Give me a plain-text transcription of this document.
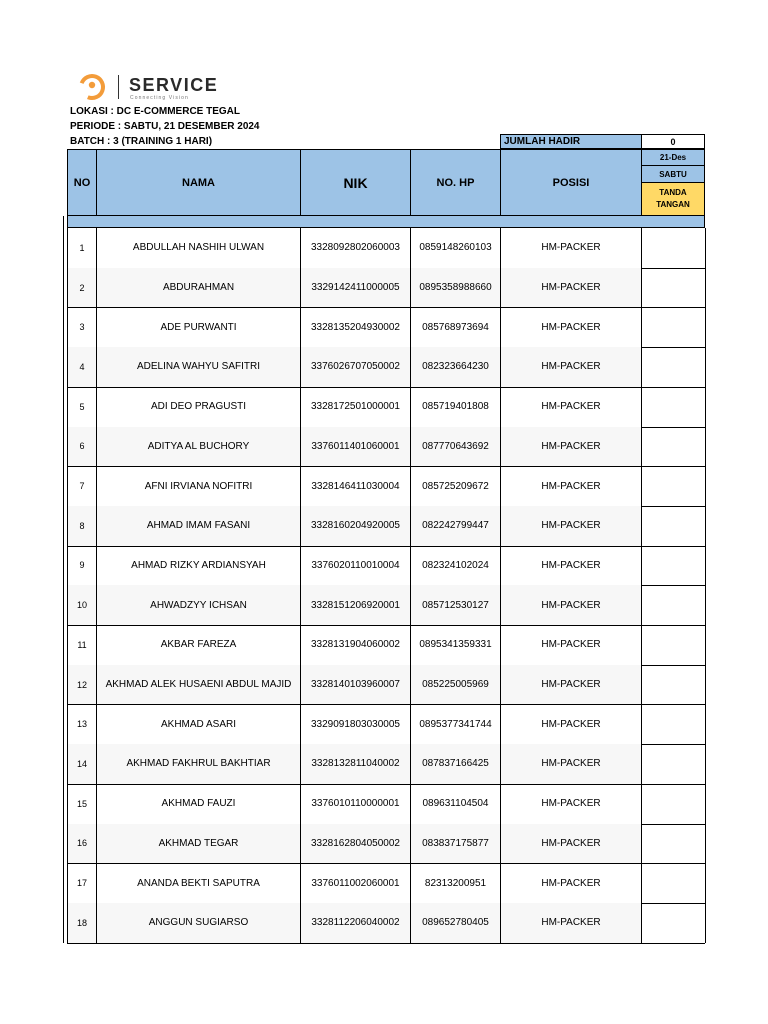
SERVICE
Connecting Vision
LOKASI : DC E-COMMERCE TEGAL
PERIODE : SABTU, 21 DESEMBER 2024
BATCH : 3 (TRAINING 1 HARI)	JUMLAH HADIR	0
NO	NAMA	NIK	NO. HP	POSISI
21-Des
SABTU
TANDA
TANGAN
1	ABDULLAH NASHIH ULWAN	3328092802060003	0859148260103	HM-PACKER
2	ABDURAHMAN	3329142411000005	0895358988660	HM-PACKER
3	ADE PURWANTI	3328135204930002	085768973694	HM-PACKER
4	ADELINA WAHYU SAFITRI	3376026707050002	082323664230	HM-PACKER
5	ADI DEO PRAGUSTI	3328172501000001	085719401808	HM-PACKER
6	ADITYA AL BUCHORY	3376011401060001	087770643692	HM-PACKER
7	AFNI IRVIANA NOFITRI	3328146411030004	085725209672	HM-PACKER
8	AHMAD IMAM FASANI	3328160204920005	082242799447	HM-PACKER
9	AHMAD RIZKY ARDIANSYAH	3376020110010004	082324102024	HM-PACKER
10	AHWADZYY ICHSAN	3328151206920001	085712530127	HM-PACKER
11	AKBAR FAREZA	3328131904060002	0895341359331	HM-PACKER
12	AKHMAD ALEK HUSAENI ABDUL MAJID	3328140103960007	085225005969	HM-PACKER
13	AKHMAD ASARI	3329091803030005	0895377341744	HM-PACKER
14	AKHMAD FAKHRUL BAKHTIAR	3328132811040002	087837166425	HM-PACKER
15	AKHMAD FAUZI	3376010110000001	089631104504	HM-PACKER
16	AKHMAD TEGAR	3328162804050002	083837175877	HM-PACKER
17	ANANDA BEKTI SAPUTRA	3376011002060001	82313200951	HM-PACKER
18	ANGGUN SUGIARSO	3328112206040002	089652780405	HM-PACKER
